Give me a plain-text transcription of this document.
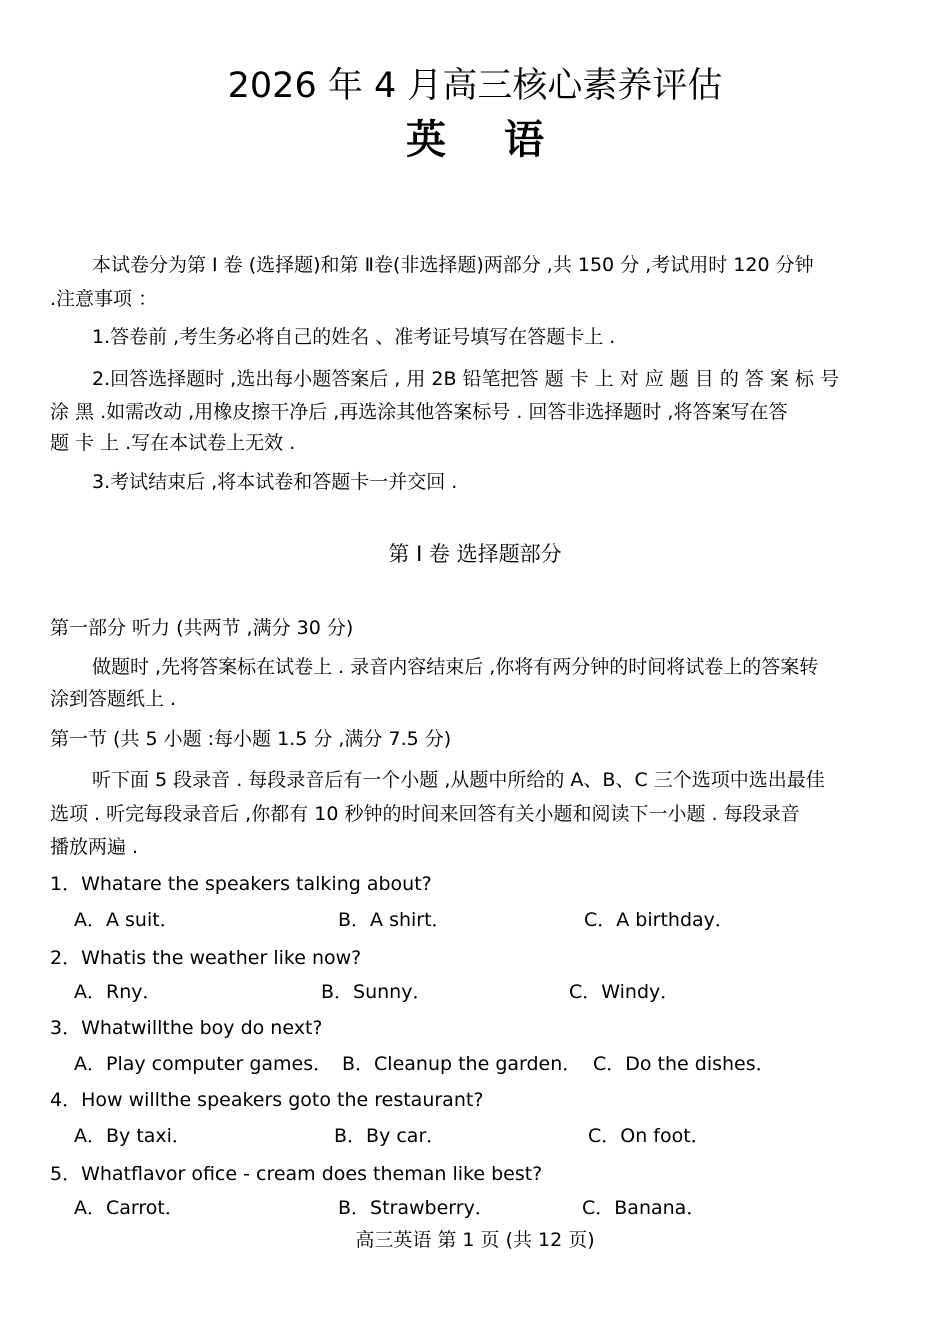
2026 年 4 月高三核心素养评估
英语
本试卷分为第 Ⅰ 卷 (选择题)和第 Ⅱ卷(非选择题)两部分 ,共 150 分 ,考试用时 120 分钟
.注意事项 ：
1.答卷前 ,考生务必将自己的姓名 、准考证号填写在答题卡上 .
2.回答选择题时 ,选出每小题答案后 , 用 2B 铅笔把答 题 卡 上 对 应 题 目 的 答 案 标 号
涂 黑 .如需改动 ,用橡皮擦干净后 ,再选涂其他答案标号 . 回答非选择题时 ,将答案写在答
题 卡 上 .写在本试卷上无效 .
3.考试结束后 ,将本试卷和答题卡一并交回 .
第 Ⅰ 卷 选择题部分
第一部分 听力 (共两节 ,满分 30 分)
做题时 ,先将答案标在试卷上 . 录音内容结束后 ,你将有两分钟的时间将试卷上的答案转
涂到答题纸上 .
第一节 (共 5 小题 :每小题 1.5 分 ,满分 7.5 分)
听下面 5 段录音 . 每段录音后有一个小题 ,从题中所给的 A、B、C 三个选项中选出最佳
选项 . 听完每段录音后 ,你都有 10 秒钟的时间来回答有关小题和阅读下一小题 . 每段录音
播放两遍 .
1．Whatare the speakers talking about?
A．A suit．	B．A shirt．	C．A birthday．
2．Whatis the weather like now?
A．Rny．	B．Sunny．	C．Windy．
3．Whatwillthe boy do next?
A．Play computer games． B．Cleanup the garden． C．Do the dishes．
4．How willthe speakers goto the restaurant?
A．By taxi．	B．By car．	C．On foot．
5．Whatflavor ofice - cream does theman like best?
A．Carrot．	B．Strawberry．	C．Banana．
高三英语 第 1 页 (共 12 页)
